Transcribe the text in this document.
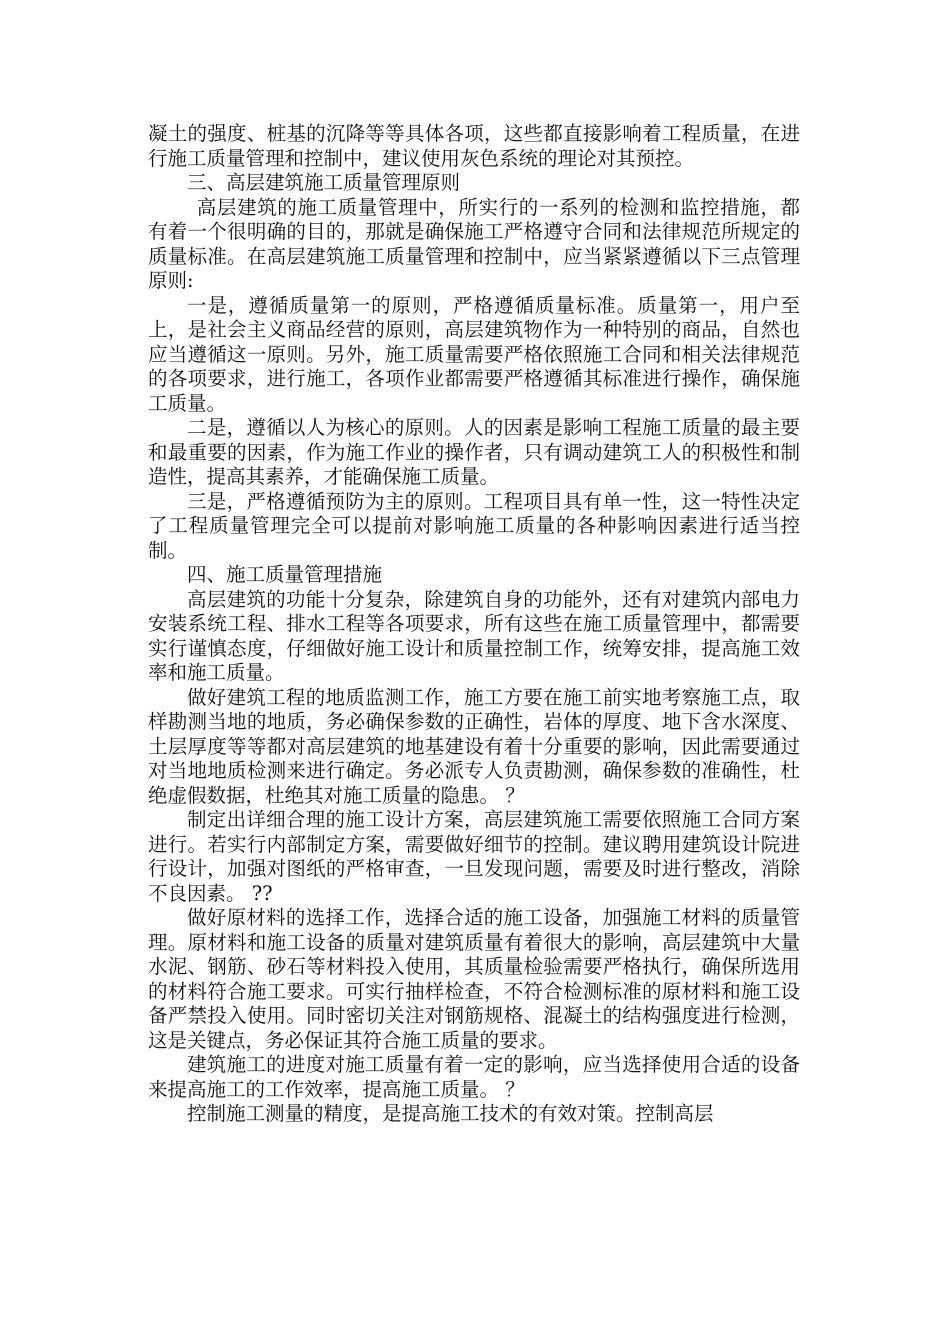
凝土的强度、桩基的沉降等等具体各项，这些都直接影响着工程质量，在进行施工质量管理和控制中，建议使用灰色系统的理论对其预控。

三、高层建筑施工质量管理原则

高层建筑的施工质量管理中，所实行的一系列的检测和监控措施，都有着一个很明确的目的，那就是确保施工严格遵守合同和法律规范所规定的质量标准。在高层建筑施工质量管理和控制中，应当紧紧遵循以下三点管理原则:

一是，遵循质量第一的原则，严格遵循质量标准。质量第一，用户至上，是社会主义商品经营的原则，高层建筑物作为一种特别的商品，自然也应当遵循这一原则。另外，施工质量需要严格依照施工合同和相关法律规范的各项要求，进行施工，各项作业都需要严格遵循其标准进行操作，确保施工质量。

二是，遵循以人为核心的原则。人的因素是影响工程施工质量的最主要和最重要的因素，作为施工作业的操作者，只有调动建筑工人的积极性和制造性，提高其素养，才能确保施工质量。

三是，严格遵循预防为主的原则。工程项目具有单一性，这一特性决定了工程质量管理完全可以提前对影响施工质量的各种影响因素进行适当控制。

四、施工质量管理措施

高层建筑的功能十分复杂，除建筑自身的功能外，还有对建筑内部电力安装系统工程、排水工程等各项要求，所有这些在施工质量管理中，都需要实行谨慎态度，仔细做好施工设计和质量控制工作，统筹安排，提高施工效率和施工质量。

做好建筑工程的地质监测工作，施工方要在施工前实地考察施工点，取样勘测当地的地质，务必确保参数的正确性，岩体的厚度、地下含水深度、土层厚度等等都对高层建筑的地基建设有着十分重要的影响，因此需要通过对当地地质检测来进行确定。务必派专人负责勘测，确保参数的准确性，杜绝虚假数据，杜绝其对施工质量的隐患。 ？

制定出详细合理的施工设计方案，高层建筑施工需要依照施工合同方案进行。若实行内部制定方案，需要做好细节的控制。建议聘用建筑设计院进行设计，加强对图纸的严格审查，一旦发现问题，需要及时进行整改，消除不良因素。 ??

做好原材料的选择工作，选择合适的施工设备，加强施工材料的质量管理。原材料和施工设备的质量对建筑质量有着很大的影响，高层建筑中大量水泥、钢筋、砂石等材料投入使用，其质量检验需要严格执行，确保所选用的材料符合施工要求。可实行抽样检查，不符合检测标准的原材料和施工设备严禁投入使用。同时密切关注对钢筋规格、混凝土的结构强度进行检测，这是关键点，务必保证其符合施工质量的要求。

建筑施工的进度对施工质量有着一定的影响，应当选择使用合适的设备来提高施工的工作效率，提高施工质量。 ？

控制施工测量的精度，是提高施工技术的有效对策。控制高层
